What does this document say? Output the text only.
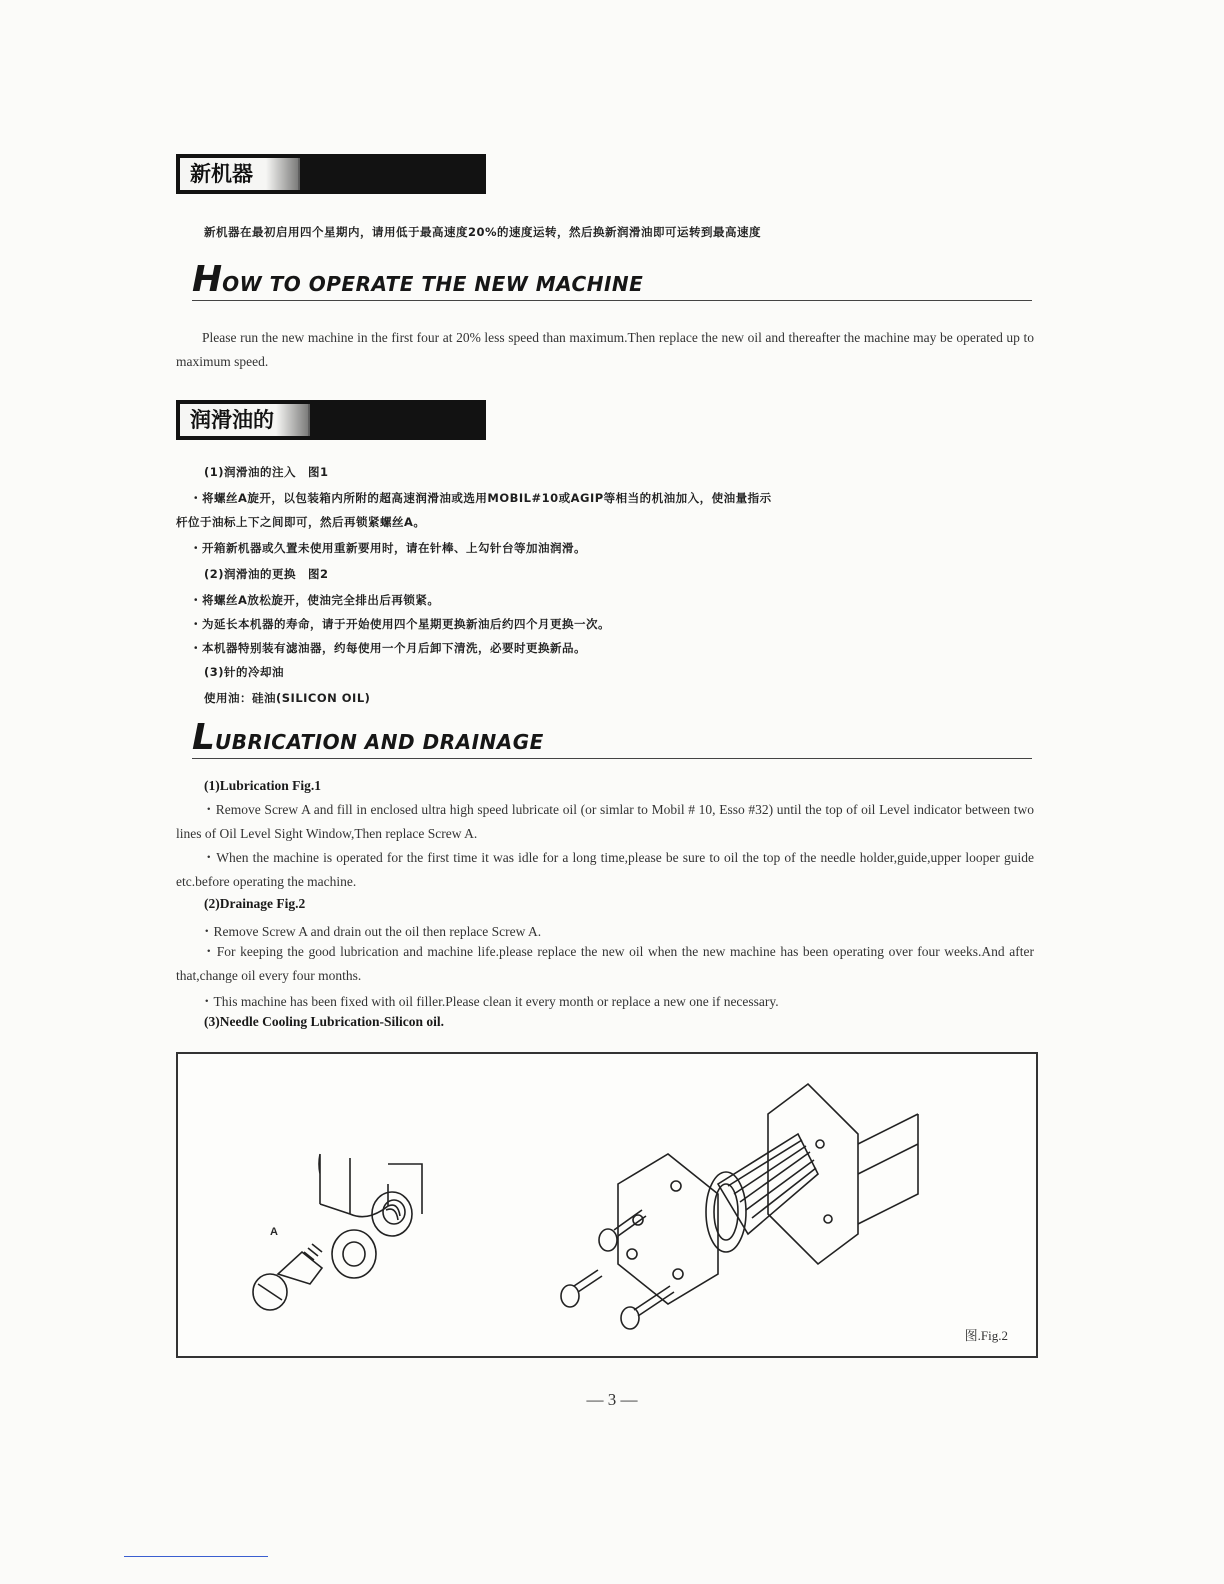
新机器
新机器在最初启用四个星期内，请用低于最高速度20%的速度运转，然后换新润滑油即可运转到最高速度
HOW TO OPERATE THE NEW MACHINE
Please run the new machine in the first four at 20% less speed than maximum.Then replace the new oil and thereafter the machine may be operated up to maximum speed.
润滑油的
(1)润滑油的注入　图1
・将螺丝A旋开，以包装箱内所附的超高速润滑油或选用MOBIL#10或AGIP等相当的机油加入，使油量指示
杆位于油标上下之间即可，然后再锁紧螺丝A。
・开箱新机器或久置未使用重新要用时，请在针棒、上勾针台等加油润滑。
(2)润滑油的更换　图2
・将螺丝A放松旋开，使油完全排出后再锁紧。
・为延长本机器的寿命，请于开始使用四个星期更换新油后约四个月更换一次。
・本机器特别装有滤油器，约每使用一个月后卸下清洗，必要时更换新品。
(3)针的冷却油
使用油：硅油(SILICON OIL)
LUBRICATION AND DRAINAGE
(1)Lubrication Fig.1
・Remove Screw A and fill in enclosed ultra high speed lubricate oil (or simlar to Mobil # 10, Esso #32) until the top of oil Level indicator between two lines of Oil Level Sight Window,Then replace Screw A.
・When the machine is operated for the first time it was idle for a long time,please be sure to oil the top of the needle holder,guide,upper looper guide etc.before operating the machine.
(2)Drainage Fig.2
・Remove Screw A and drain out the oil then replace Screw A.
・For keeping the good lubrication and machine life.please replace the new oil when the new machine has been operating over four weeks.And after that,change oil every four months.
・This machine has been fixed with oil filler.Please clean it every month or replace a new one if necessary.
(3)Needle Cooling Lubrication-Silicon oil.
A
图.Fig.2
— 3 —
